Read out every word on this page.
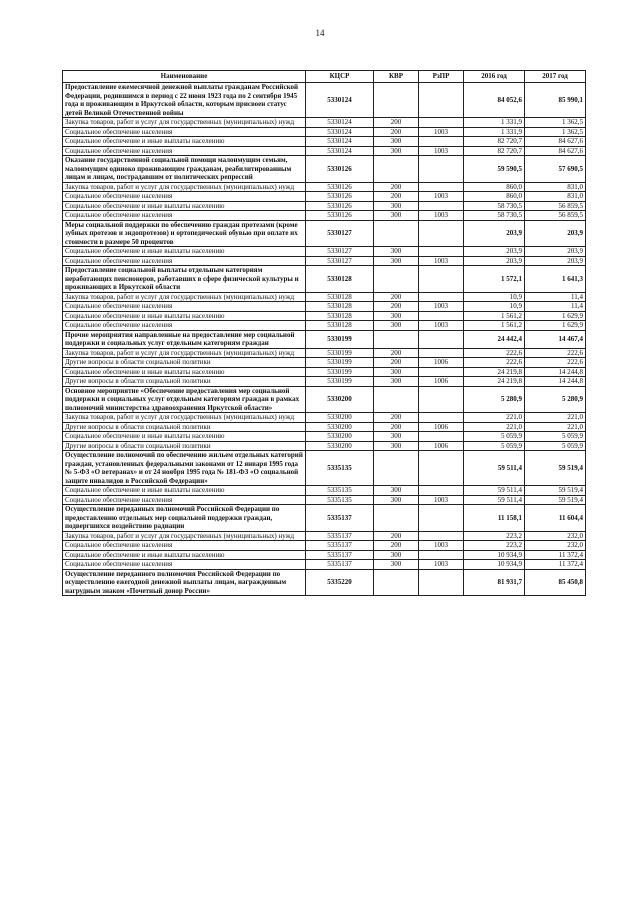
14
Наименование	КЦСР	КВР	РзПР	2016 год	2017 год
Предоставление ежемесячной денежной выплаты гражданам Российской Федерации, родившимся в период с 22 июня 1923 года по 2 сентября 1945 года и проживающим в Иркутской области, которым присвоен статус детей Великой Отечественной войны	5330124			84 052,6	85 990,1
Закупка товаров, работ и услуг для государственных (муниципальных) нужд	5330124	200		1 331,9	1 362,5
Социальное обеспечение населения	5330124	200	1003	1 331,9	1 362,5
Социальное обеспечение и иные выплаты населению	5330124	300		82 720,7	84 627,6
Социальное обеспечение населения	5330124	300	1003	82 720,7	84 627,6
Оказание государственной социальной помощи малоимущим семьям, малоимущим одиноко проживающим гражданам, реабилитированным лицам и лицам, пострадавшим от политических репрессий	5330126			59 590,5	57 690,5
Закупка товаров, работ и услуг для государственных (муниципальных) нужд	5330126	200		860,0	831,0
Социальное обеспечение населения	5330126	200	1003	860,0	831,0
Социальное обеспечение и иные выплаты населению	5330126	300		58 730,5	56 859,5
Социальное обеспечение населения	5330126	300	1003	58 730,5	56 859,5
Меры социальной поддержки по обеспечению граждан протезами (кроме зубных протезов и эндопротезов) и ортопедической обувью при оплате их стоимости в размере 50 процентов	5330127			203,9	203,9
Социальное обеспечение и иные выплаты населению	5330127	300		203,9	203,9
Социальное обеспечение населения	5330127	300	1003	203,9	203,9
Предоставление социальной выплаты отдельным категориям неработающих пенсионеров, работавших в сфере физической культуры и проживающих в Иркутской области	5330128			1 572,1	1 641,3
Закупка товаров, работ и услуг для государственных (муниципальных) нужд	5330128	200		10,9	11,4
Социальное обеспечение населения	5330128	200	1003	10,9	11,4
Социальное обеспечение и иные выплаты населению	5330128	300		1 561,2	1 629,9
Социальное обеспечение населения	5330128	300	1003	1 561,2	1 629,9
Прочие мероприятия направленные на предоставление мер социальной поддержки и социальных услуг отдельным категориям граждан	5330199			24 442,4	14 467,4
Закупка товаров, работ и услуг для государственных (муниципальных) нужд	5330199	200		222,6	222,6
Другие вопросы в области социальной политики	5330199	200	1006	222,6	222,6
Социальное обеспечение и иные выплаты населению	5330199	300		24 219,8	14 244,8
Другие вопросы в области социальной политики	5330199	300	1006	24 219,8	14 244,8
Основное мероприятие «Обеспечение предоставления мер социальной поддержки и социальных услуг отдельным категориям граждан в рамках полномочий министерства здравоохранения Иркутской области»	5330200			5 280,9	5 280,9
Закупка товаров, работ и услуг для государственных (муниципальных) нужд	5330200	200		221,0	221,0
Другие вопросы в области социальной политики	5330200	200	1006	221,0	221,0
Социальное обеспечение и иные выплаты населению	5330200	300		5 059,9	5 059,9
Другие вопросы в области социальной политики	5330200	300	1006	5 059,9	5 059,9
Осуществление полномочий по обеспечению жильем отдельных категорий граждан, установленных федеральными законами от 12 января 1995 года № 5-ФЗ «О ветеранах» и от 24 ноября 1995 года № 181-ФЗ «О социальной защите инвалидов в Российской Федерации»	5335135			59 511,4	59 519,4
Социальное обеспечение и иные выплаты населению	5335135	300		59 511,4	59 519,4
Социальное обеспечение населения	5335135	300	1003	59 511,4	59 519,4
Осуществление переданных полномочий Российской Федерации по предоставлению отдельных мер социальной поддержки граждан, подвергшихся воздействию радиации	5335137			11 158,1	11 604,4
Закупка товаров, работ и услуг для государственных (муниципальных) нужд	5335137	200		223,2	232,0
Социальное обеспечение населения	5335137	200	1003	223,2	232,0
Социальное обеспечение и иные выплаты населению	5335137	300		10 934,9	11 372,4
Социальное обеспечение населения	5335137	300	1003	10 934,9	11 372,4
Осуществление переданного полномочия Российской Федерации по осуществлению ежегодной денежной выплаты лицам, награжденным нагрудным знаком «Почетный донор России»	5335220			81 931,7	85 450,8
